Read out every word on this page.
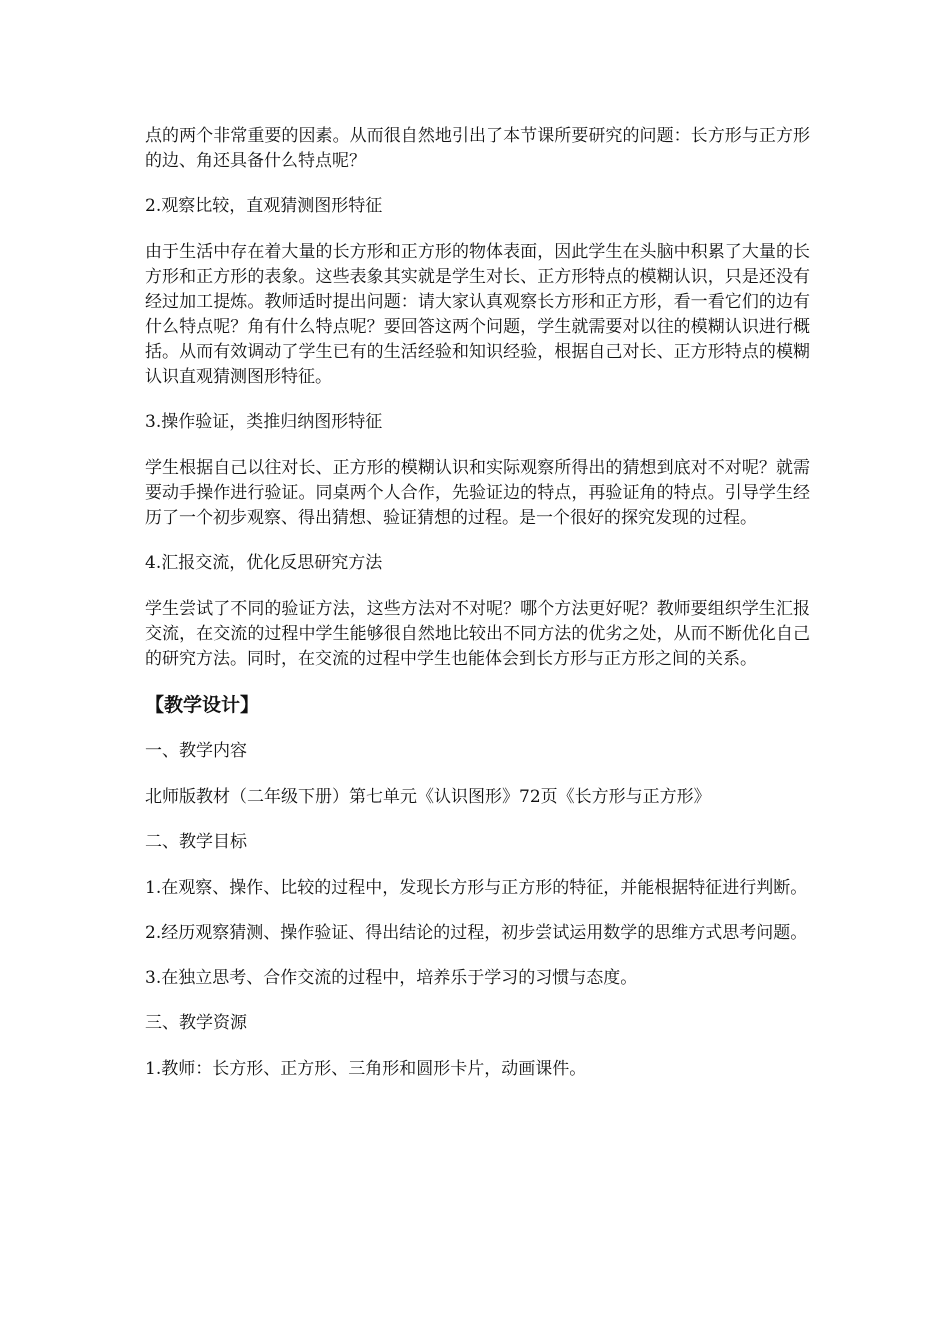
点的两个非常重要的因素。从而很自然地引出了本节课所要研究的问题：长方形与正方形的边、角还具备什么特点呢？

2.观察比较，直观猜测图形特征

由于生活中存在着大量的长方形和正方形的物体表面，因此学生在头脑中积累了大量的长方形和正方形的表象。这些表象其实就是学生对长、正方形特点的模糊认识，只是还没有经过加工提炼。教师适时提出问题：请大家认真观察长方形和正方形，看一看它们的边有什么特点呢？角有什么特点呢？要回答这两个问题，学生就需要对以往的模糊认识进行概括。从而有效调动了学生已有的生活经验和知识经验，根据自己对长、正方形特点的模糊认识直观猜测图形特征。

3.操作验证，类推归纳图形特征

学生根据自己以往对长、正方形的模糊认识和实际观察所得出的猜想到底对不对呢？就需要动手操作进行验证。同桌两个人合作，先验证边的特点，再验证角的特点。引导学生经历了一个初步观察、得出猜想、验证猜想的过程。是一个很好的探究发现的过程。

4.汇报交流，优化反思研究方法

学生尝试了不同的验证方法，这些方法对不对呢？哪个方法更好呢？教师要组织学生汇报交流，在交流的过程中学生能够很自然地比较出不同方法的优劣之处，从而不断优化自己的研究方法。同时，在交流的过程中学生也能体会到长方形与正方形之间的关系。

【教学设计】

一、教学内容

北师版教材（二年级下册）第七单元《认识图形》72页《长方形与正方形》

二、教学目标

1.在观察、操作、比较的过程中，发现长方形与正方形的特征，并能根据特征进行判断。

2.经历观察猜测、操作验证、得出结论的过程，初步尝试运用数学的思维方式思考问题。

3.在独立思考、合作交流的过程中，培养乐于学习的习惯与态度。

三、教学资源

1.教师：长方形、正方形、三角形和圆形卡片，动画课件。
